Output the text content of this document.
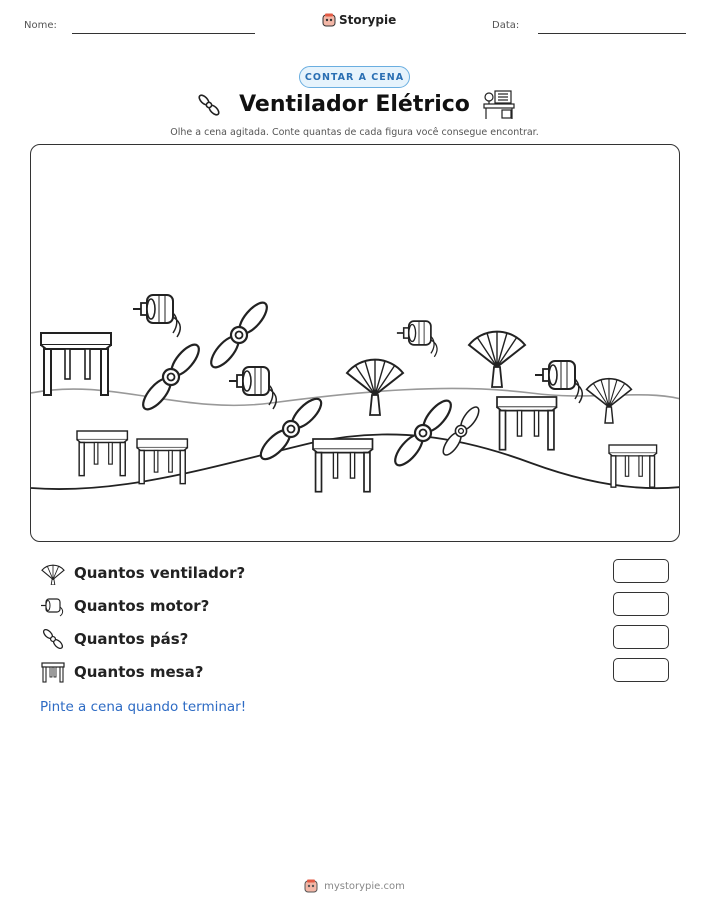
Nome:	Storypie	Data:
CONTAR A CENA
Ventilador Elétrico
Olhe a cena agitada. Conte quantas de cada figura você consegue encontrar.
Quantos ventilador?
Quantos motor?
Quantos pás?
Quantos mesa?
Pinte a cena quando terminar!
mystorypie.com
